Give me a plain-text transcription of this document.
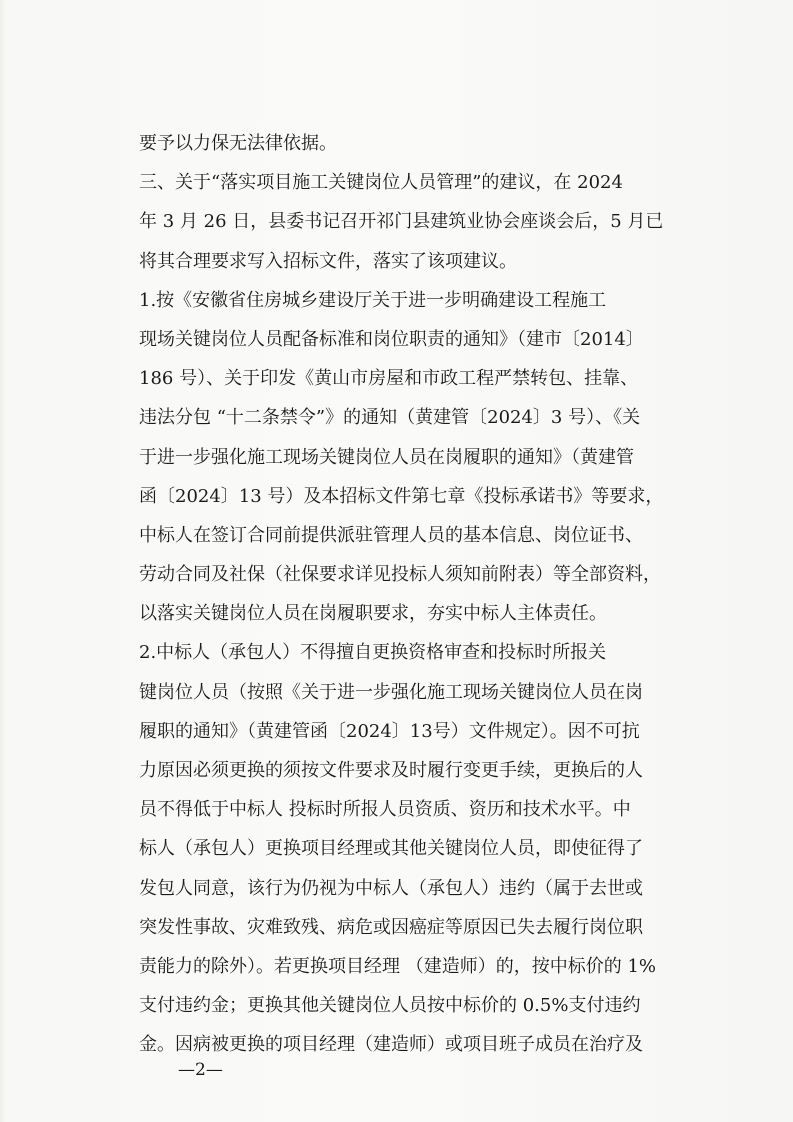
要予以力保无法律依据。
三、关于“落实项目施工关键岗位人员管理”的建议，在 2024
年 3 月 26 日，县委书记召开祁门县建筑业协会座谈会后，5 月已
将其合理要求写入招标文件，落实了该项建议。
1.按《安徽省住房城乡建设厅关于进一步明确建设工程施工
现场关键岗位人员配备标准和岗位职责的通知》（建市〔2014〕
186 号）、关于印发《黄山市房屋和市政工程严禁转包、挂靠、
违法分包 “十二条禁令”》的通知（黄建管〔2024〕3 号）、《关
于进一步强化施工现场关键岗位人员在岗履职的通知》（黄建管
函〔2024〕13 号）及本招标文件第七章《投标承诺书》等要求，
中标人在签订合同前提供派驻管理人员的基本信息、岗位证书、
劳动合同及社保（社保要求详见投标人须知前附表）等全部资料，
以落实关键岗位人员在岗履职要求，夯实中标人主体责任。
2.中标人（承包人）不得擅自更换资格审查和投标时所报关
键岗位人员（按照《关于进一步强化施工现场关键岗位人员在岗
履职的通知》（黄建管函〔2024〕13号）文件规定）。因不可抗
力原因必须更换的须按文件要求及时履行变更手续，更换后的人
员不得低于中标人 投标时所报人员资质、资历和技术水平。中
标人（承包人）更换项目经理或其他关键岗位人员，即使征得了
发包人同意，该行为仍视为中标人（承包人）违约（属于去世或
突发性事故、灾难致残、病危或因癌症等原因已失去履行岗位职
责能力的除外）。若更换项目经理 （建造师）的，按中标价的 1%
支付违约金；更换其他关键岗位人员按中标价的 0.5%支付违约
金。因病被更换的项目经理（建造师）或项目班子成员在治疗及
—2—
